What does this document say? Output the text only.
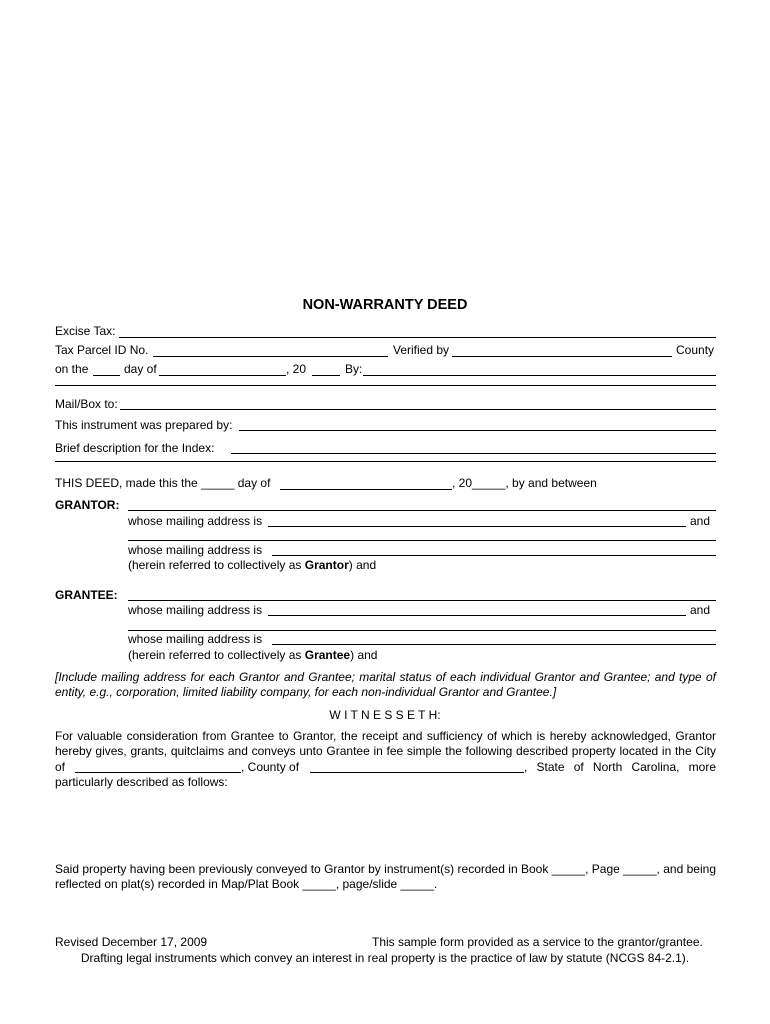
NON-WARRANTY DEED
Excise Tax:
Tax Parcel ID No.	Verified by	County
on the	day of	, 20	By:
Mail/Box to:
This instrument was prepared by:
Brief description for the Index:
THIS DEED, made this the _____ day of	, 20_____, by and between
GRANTOR:
whose mailing address is	and
whose mailing address is
(herein referred to collectively as Grantor) and
GRANTEE:
whose mailing address is	and
whose mailing address is
(herein referred to collectively as Grantee) and
[Include mailing address for each Grantor and Grantee; marital status of each individual Grantor and Grantee; and type of
entity, e.g., corporation, limited liability company, for each non-individual Grantor and Grantee.]
W I T N E S S E T H:
For valuable consideration from Grantee to Grantor, the receipt and sufficiency of which is hereby acknowledged, Grantor
hereby gives, grants, quitclaims and conveys unto Grantee in fee simple the following described property located in the City
of	, County of	, State of North Carolina, more
particularly described as follows:
Said property having been previously conveyed to Grantor by instrument(s) recorded in Book _____, Page _____, and being
reflected on plat(s) recorded in Map/Plat Book _____, page/slide _____.
Revised December 17, 2009	This sample form provided as a service to the grantor/grantee.
Drafting legal instruments which convey an interest in real property is the practice of law by statute (NCGS 84-2.1).
